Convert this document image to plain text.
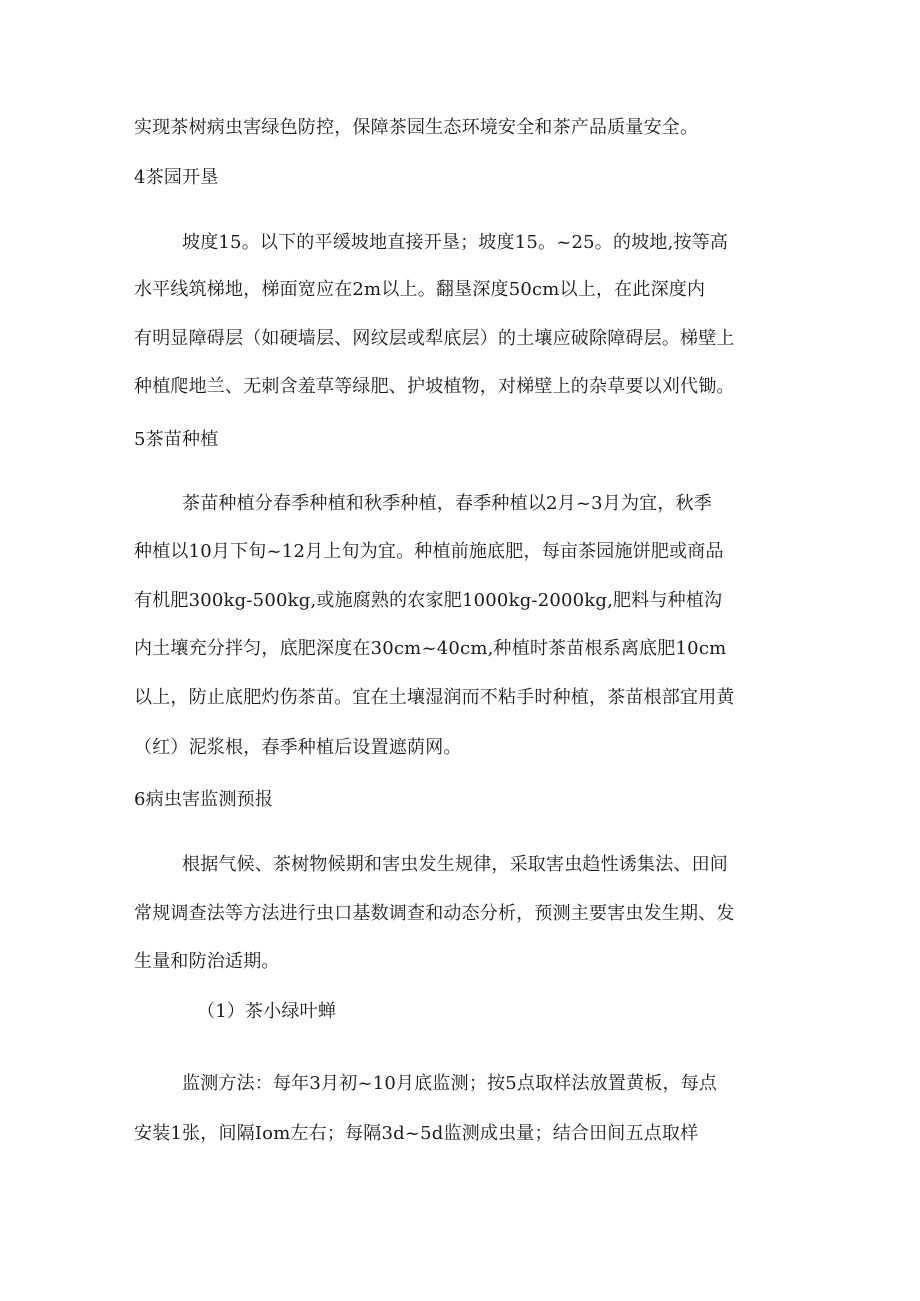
实现茶树病虫害绿色防控，保障茶园生态环境安全和茶产品质量安全。
4茶园开垦
坡度15。以下的平缓坡地直接开垦；坡度15。~25。的坡地,按等高
水平线筑梯地，梯面宽应在2m以上。翻垦深度50cm以上，在此深度内
有明显障碍层（如硬墙层、网纹层或犁底层）的土壤应破除障碍层。梯壁上
种植爬地兰、无刺含羞草等绿肥、护坡植物，对梯壁上的杂草要以刈代锄。
5茶苗种植
茶苗种植分春季种植和秋季种植，春季种植以2月~3月为宜，秋季
种植以10月下旬~12月上旬为宜。种植前施底肥，每亩茶园施饼肥或商品
有机肥300kg-500kg,或施腐熟的农家肥1000kg-2000kg,肥料与种植沟
内土壤充分拌匀，底肥深度在30cm~40cm,种植时茶苗根系离底肥10cm
以上，防止底肥灼伤茶苗。宜在土壤湿润而不粘手时种植，茶苗根部宜用黄
（红）泥浆根，春季种植后设置遮荫网。
6病虫害监测预报
根据气候、茶树物候期和害虫发生规律，采取害虫趋性诱集法、田间
常规调查法等方法进行虫口基数调查和动态分析，预测主要害虫发生期、发
生量和防治适期。
（1）茶小绿叶蝉
监测方法：每年3月初~10月底监测；按5点取样法放置黄板，每点
安装1张，间隔Iom左右；每隔3d~5d监测成虫量；结合田间五点取样
